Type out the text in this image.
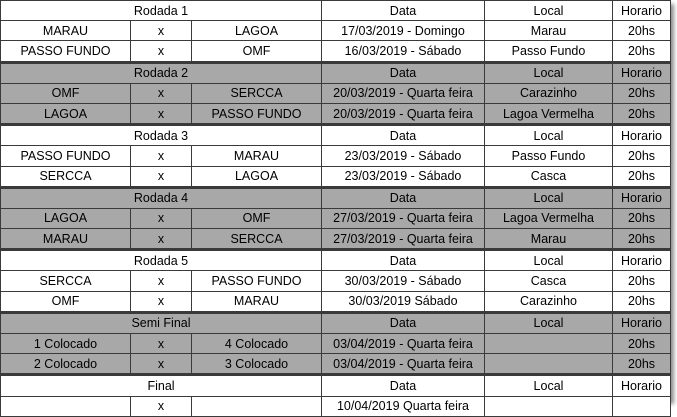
Rodada 1			Data	Local	Horario
MARAU	x	LAGOA	17/03/2019 - Domingo	Marau	20hs
PASSO FUNDO	x	OMF	16/03/2019 - Sábado	Passo Fundo	20hs
Rodada 2			Data	Local	Horario
OMF	x	SERCCA	20/03/2019 - Quarta feira	Carazinho	20hs
LAGOA	x	PASSO FUNDO	20/03/2019 - Quarta feira	Lagoa Vermelha	20hs
Rodada 3			Data	Local	Horario
PASSO FUNDO	x	MARAU	23/03/2019 - Sábado	Passo Fundo	20hs
SERCCA	x	LAGOA	23/03/2019 - Sábado	Casca	20hs
Rodada 4			Data	Local	Horario
LAGOA	x	OMF	27/03/2019 - Quarta feira	Lagoa Vermelha	20hs
MARAU	x	SERCCA	27/03/2019 - Quarta feira	Marau	20hs
Rodada 5			Data	Local	Horario
SERCCA	x	PASSO FUNDO	30/03/2019 - Sábado	Casca	20hs
OMF	x	MARAU	30/03/2019 Sábado	Carazinho	20hs
Semi Final			Data	Local	Horario
1 Colocado	x	4 Colocado	03/04/2019 - Quarta feira		20hs
2 Colocado	x	3 Colocado	03/04/2019 - Quarta feira		20hs
Final			Data	Local	Horario
	x		10/04/2019 Quarta feira		
